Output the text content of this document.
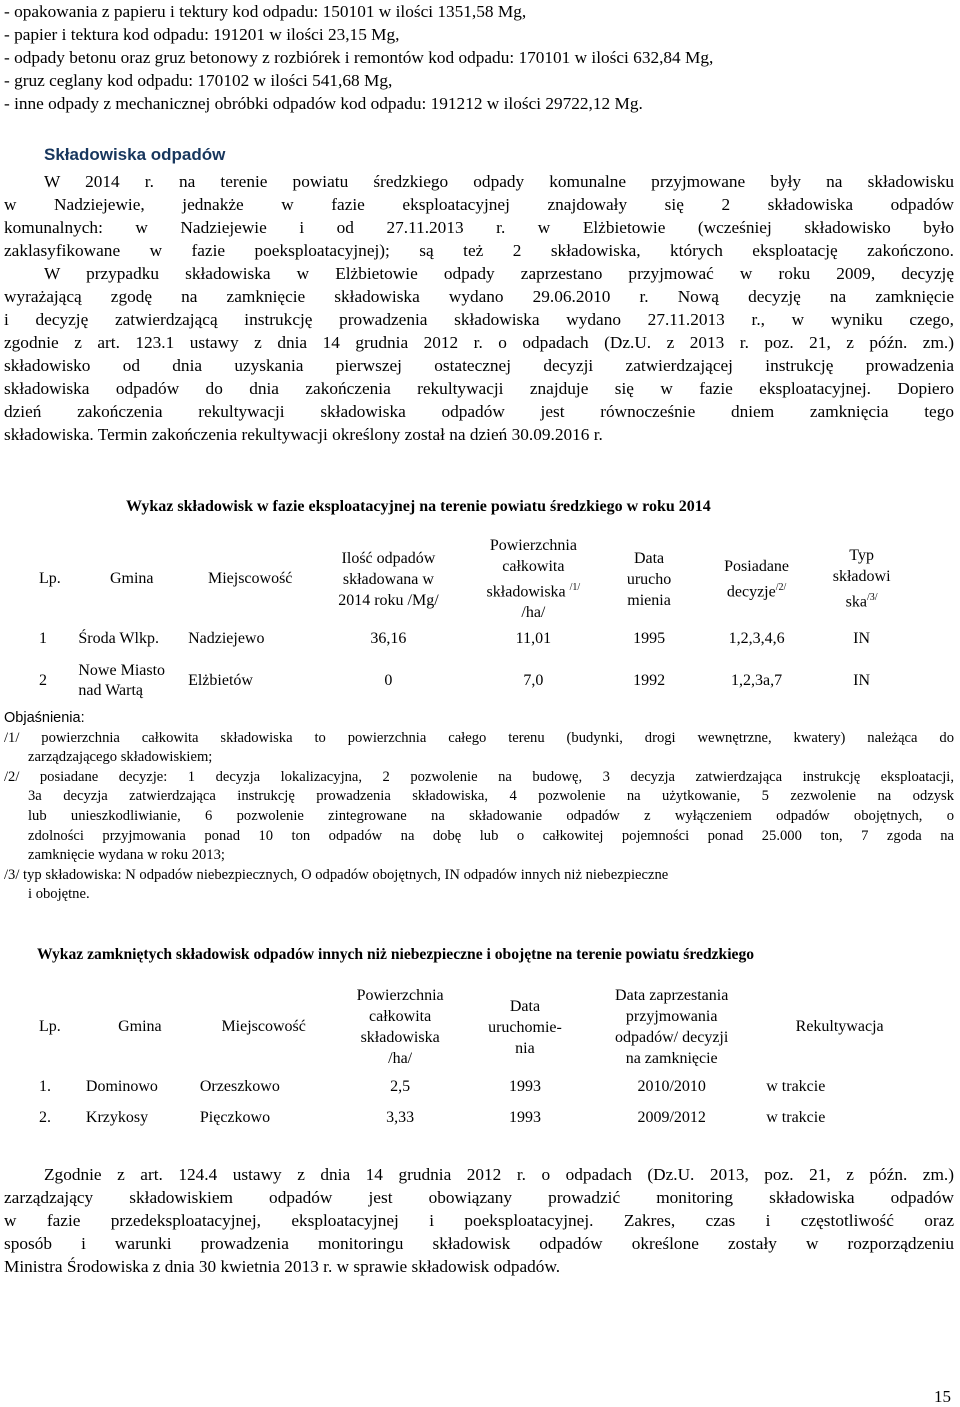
- opakowania z papieru i tektury kod odpadu: 150101 w ilości 1351,58 Mg,

- papier i tektura kod odpadu: 191201 w ilości 23,15 Mg,

- odpady betonu oraz gruz betonowy z rozbiórek i remontów kod odpadu: 170101 w ilości 632,84 Mg,

- gruz ceglany kod odpadu: 170102 w ilości 541,68 Mg,

- inne odpady z mechanicznej obróbki odpadów kod odpadu: 191212 w ilości 29722,12 Mg.

Składowiska odpadów

W 2014 r. na terenie powiatu średzkiego odpady komunalne przyjmowane były na składowisku
w Nadziejewie, jednakże w fazie eksploatacyjnej znajdowały się 2 składowiska odpadów
komunalnych: w Nadziejewie i od 27.11.2013 r. w Elżbietowie (wcześniej składowisko było
zaklasyfikowane w fazie poeksploatacyjnej); są też 2 składowiska, których eksploatację zakończono.
W przypadku składowiska w Elżbietowie odpady zaprzestano przyjmować w roku 2009, decyzję
wyrażającą zgodę na zamknięcie składowiska wydano 29.06.2010 r. Nową decyzję na zamknięcie
i decyzję zatwierdzającą instrukcję prowadzenia składowiska wydano 27.11.2013 r., w wyniku czego,
zgodnie z art. 123.1 ustawy z dnia 14 grudnia 2012 r. o odpadach (Dz.U. z 2013 r. poz. 21, z późn. zm.)
składowisko od dnia uzyskania pierwszej ostatecznej decyzji zatwierdzającej instrukcję prowadzenia
składowiska odpadów do dnia zakończenia rekultywacji znajduje się w fazie eksploatacyjnej. Dopiero
dzień zakończenia rekultywacji składowiska odpadów jest równocześnie dniem zamknięcia tego
składowiska. Termin zakończenia rekultywacji określony został na dzień 30.09.2016 r.

Wykaz składowisk w fazie eksploatacyjnej na terenie powiatu średzkiego w roku 2014

Lp.	Gmina	Miejscowość	Ilość odpadów
składowana w
2014 roku /Mg/	Powierzchnia
całkowita
składowiska $^{/1/}$
/ha/	Data
urucho
mienia	Posiadane
decyzje$^{/2/}$	Typ
składowi
ska$^{/3/}$
1	Środa Wlkp.	Nadziejewo	36,16	11,01	1995	1,2,3,4,6	IN
2	Nowe Miasto
nad Wartą	Elżbietów	0	7,0	1992	1,2,3a,7	IN
Objaśnienia:
/1/ powierzchnia całkowita składowiska to powierzchnia całego terenu (budynki, drogi wewnętrzne, kwatery) należąca do
zarządzającego składowiskiem;
/2/ posiadane decyzje: 1 decyzja lokalizacyjna, 2 pozwolenie na budowę, 3 decyzja zatwierdzająca instrukcję eksploatacji,
3a decyzja zatwierdzająca instrukcję prowadzenia składowiska, 4 pozwolenie na użytkowanie, 5 zezwolenie na odzysk
lub unieszkodliwianie, 6 pozwolenie zintegrowane na składowanie odpadów z wyłączeniem odpadów obojętnych, o
zdolności przyjmowania ponad 10 ton odpadów na dobę lub o całkowitej pojemności ponad 25.000 ton, 7 zgoda na
zamknięcie wydana w roku 2013;
/3/ typ składowiska: N odpadów niebezpiecznych, O odpadów obojętnych, IN odpadów innych niż niebezpieczne
i obojętne.

Wykaz zamkniętych składowisk odpadów innych niż niebezpieczne i obojętne na terenie powiatu średzkiego

Lp.	Gmina	Miejscowość	Powierzchnia
całkowita
składowiska
/ha/	Data
uruchomie-
nia	Data zaprzestania
przyjmowania
odpadów/ decyzji
na zamknięcie	Rekultywacja
1.	Dominowo	Orzeszkowo	2,5	1993	2010/2010	w trakcie
2.	Krzykosy	Pięczkowo	3,33	1993	2009/2012	w trakcie
Zgodnie z art. 124.4 ustawy z dnia 14 grudnia 2012 r. o odpadach (Dz.U. 2013, poz. 21, z późn. zm.)
zarządzający składowiskiem odpadów jest obowiązany prowadzić monitoring składowiska odpadów
w fazie przedeksploatacyjnej, eksploatacyjnej i poeksploatacyjnej. Zakres, czas i częstotliwość oraz
sposób i warunki prowadzenia monitoringu składowisk odpadów określone zostały w rozporządzeniu
Ministra Środowiska z dnia 30 kwietnia 2013 r. w sprawie składowisk odpadów.
15
